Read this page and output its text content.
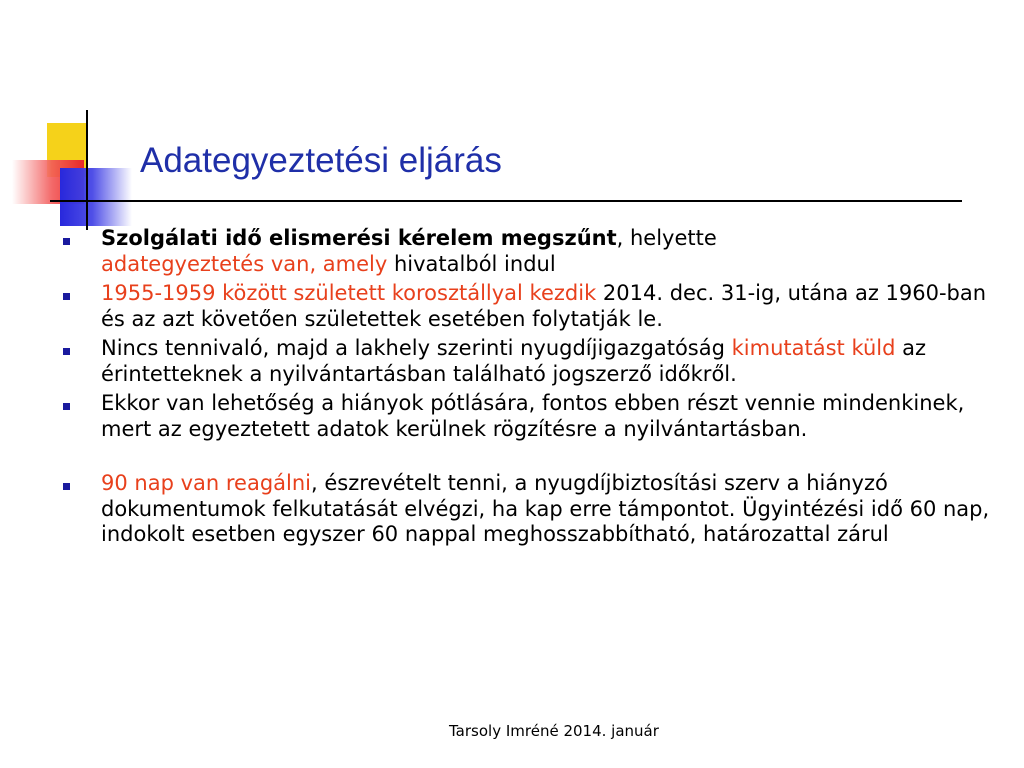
Adategyeztetési eljárás
Szolgálati idő elismerési kérelem megszűnt, helyette
adategyeztetés van, amely hivatalból indul
1955-1959 között született korosztállyal kezdik 2014. dec. 31-ig, utána az 1960-ban és az azt követően születettek esetében folytatják le.
Nincs tennivaló, majd a lakhely szerinti nyugdíjigazgatóság kimutatást küld az érintetteknek a nyilvántartásban található jogszerző időkről.
Ekkor van lehetőség a hiányok pótlására, fontos ebben részt vennie mindenkinek, mert az egyeztetett adatok kerülnek rögzítésre a nyilvántartásban.
90 nap van reagálni, észrevételt tenni, a nyugdíjbiztosítási szerv a hiányzó dokumentumok felkutatását elvégzi, ha kap erre támpontot. Ügyintézési idő 60 nap, indokolt esetben egyszer 60 nappal meghosszabbítható, határozattal zárul
Tarsoly Imréné 2014. január
